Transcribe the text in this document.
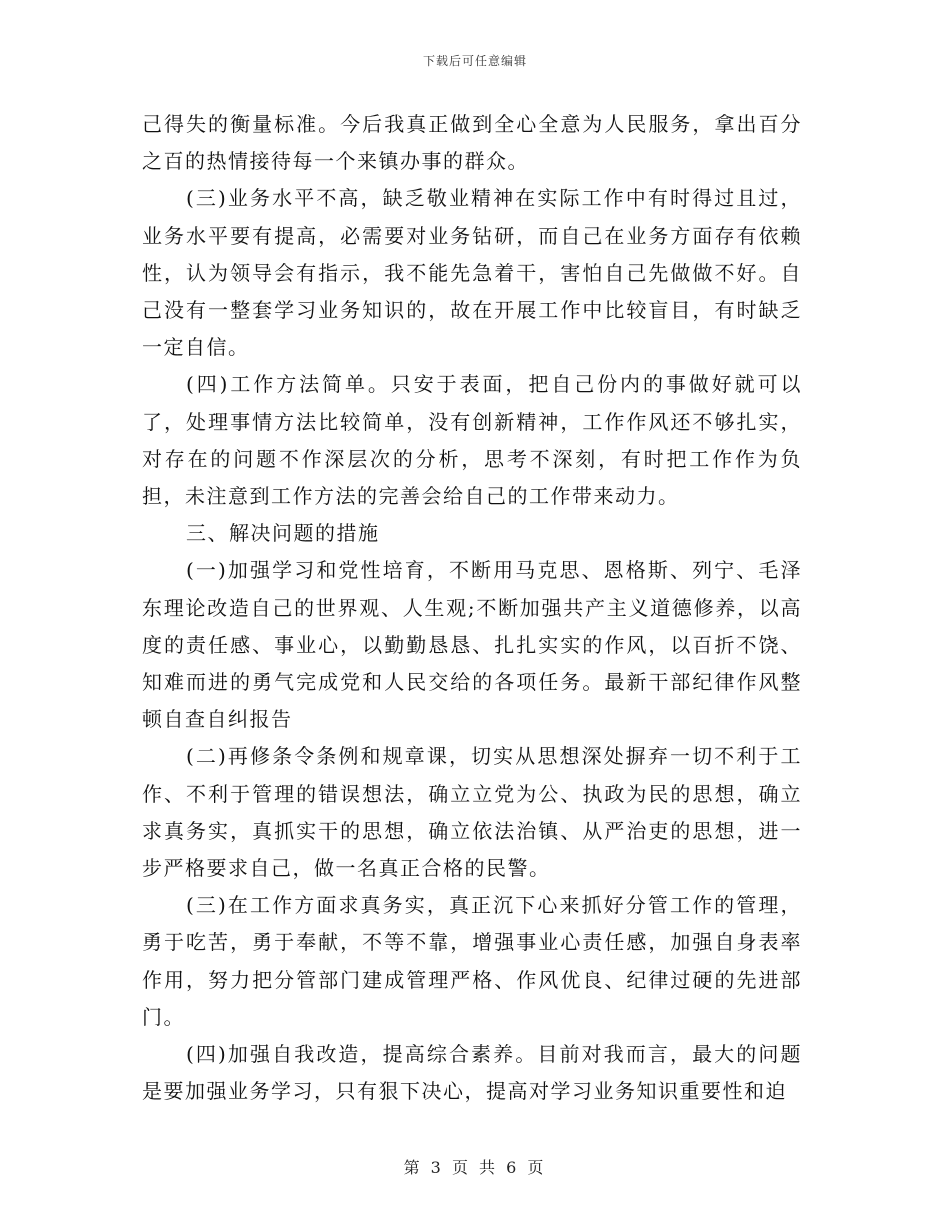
下载后可任意编辑

己得失的衡量标准。今后我真正做到全心全意为人民服务，拿出百分之百的热情接待每一个来镇办事的群众。

(三)业务水平不高，缺乏敬业精神在实际工作中有时得过且过，业务水平要有提高，必需要对业务钻研，而自己在业务方面存有依赖性，认为领导会有指示，我不能先急着干，害怕自己先做做不好。自己没有一整套学习业务知识的，故在开展工作中比较盲目，有时缺乏一定自信。

(四)工作方法简单。只安于表面，把自己份内的事做好就可以了，处理事情方法比较简单，没有创新精神，工作作风还不够扎实，对存在的问题不作深层次的分析，思考不深刻，有时把工作作为负担，未注意到工作方法的完善会给自己的工作带来动力。

三、解决问题的措施

(一)加强学习和党性培育，不断用马克思、恩格斯、列宁、毛泽东理论改造自己的世界观、人生观;不断加强共产主义道德修养，以高度的责任感、事业心，以勤勤恳恳、扎扎实实的作风，以百折不饶、知难而进的勇气完成党和人民交给的各项任务。最新干部纪律作风整顿自查自纠报告

(二)再修条令条例和规章课，切实从思想深处摒弃一切不利于工作、不利于管理的错误想法，确立立党为公、执政为民的思想，确立求真务实，真抓实干的思想，确立依法治镇、从严治吏的思想，进一步严格要求自己，做一名真正合格的民警。

(三)在工作方面求真务实，真正沉下心来抓好分管工作的管理，勇于吃苦，勇于奉献，不等不靠，增强事业心责任感，加强自身表率作用，努力把分管部门建成管理严格、作风优良、纪律过硬的先进部门。

(四)加强自我改造，提高综合素养。目前对我而言，最大的问题是要加强业务学习，只有狠下决心，提高对学习业务知识重要性和迫

第 3 页 共 6 页
